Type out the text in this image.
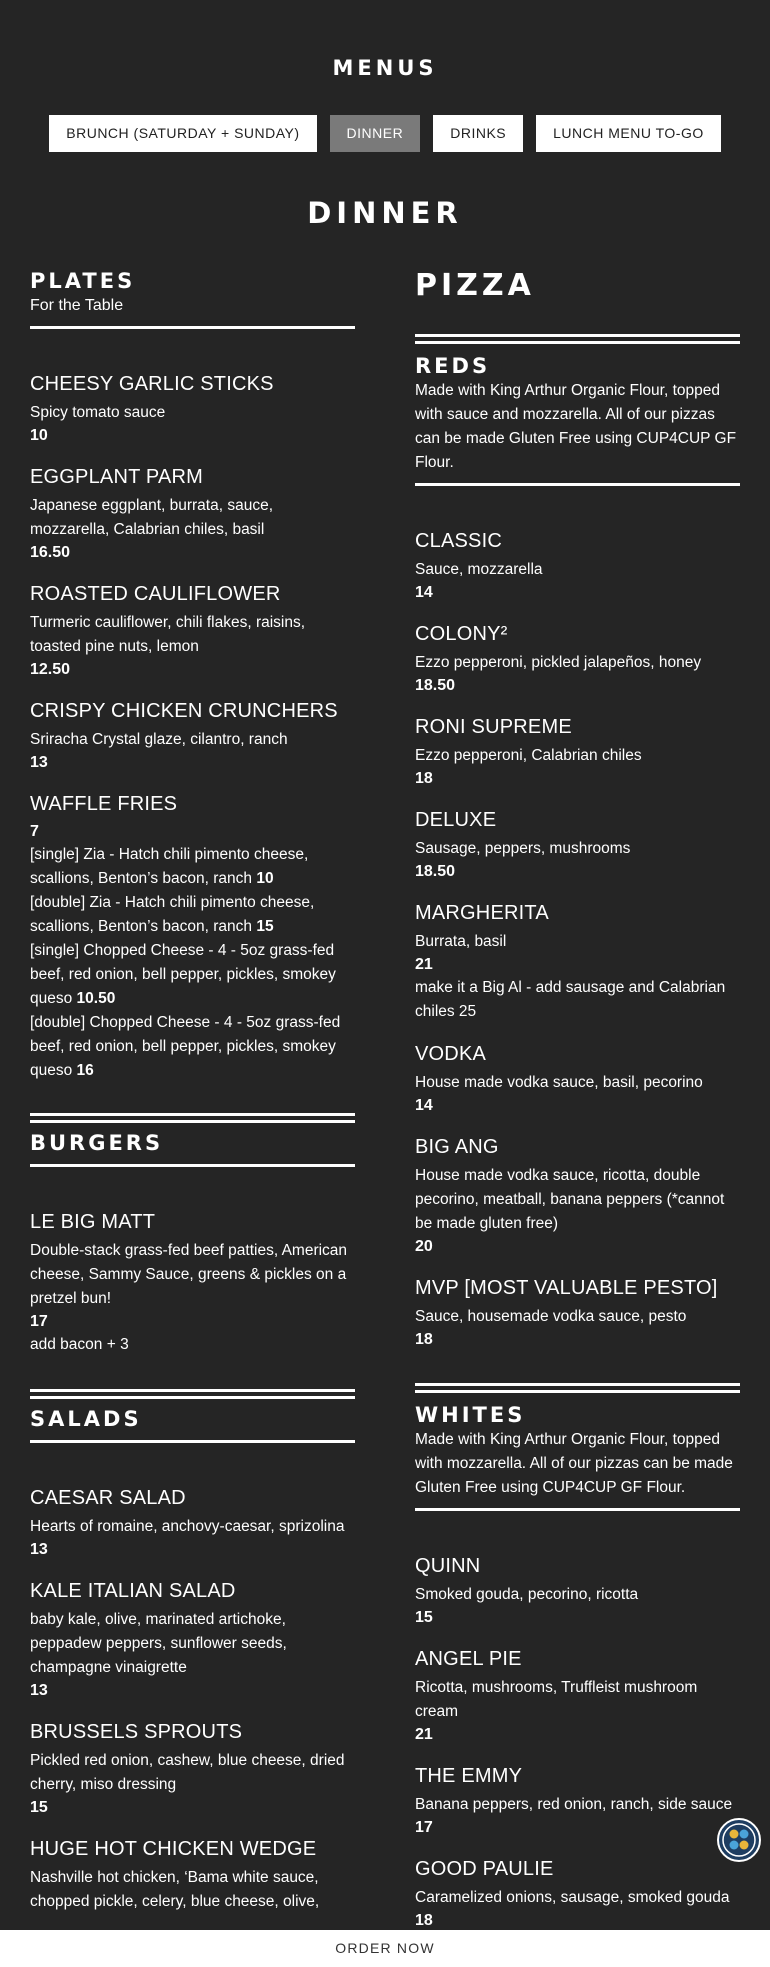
MENUS
BRUNCH (SATURDAY + SUNDAY)	DINNER	DRINKS	LUNCH MENU TO-GO
DINNER
PLATES
For the Table
CHEESY GARLIC STICKS
Spicy tomato sauce
10
EGGPLANT PARM
Japanese eggplant, burrata, sauce, mozzarella, Calabrian chiles, basil
16.50
ROASTED CAULIFLOWER
Turmeric cauliflower, chili flakes, raisins, toasted pine nuts, lemon
12.50
CRISPY CHICKEN CRUNCHERS
Sriracha Crystal glaze, cilantro, ranch
13
WAFFLE FRIES
7
[single] Zia - Hatch chili pimento cheese, scallions, Benton’s bacon, ranch 10
[double] Zia - Hatch chili pimento cheese, scallions, Benton’s bacon, ranch 15
[single] Chopped Cheese - 4 - 5oz grass-fed beef, red onion, bell pepper, pickles, smokey queso 10.50
[double] Chopped Cheese - 4 - 5oz grass-fed beef, red onion, bell pepper, pickles, smokey queso 16
BURGERS
LE BIG MATT
Double-stack grass-fed beef patties, American cheese, Sammy Sauce, greens & pickles on a pretzel bun!
17
add bacon + 3
SALADS
CAESAR SALAD
Hearts of romaine, anchovy-caesar, sprizolina
13
KALE ITALIAN SALAD
baby kale, olive, marinated artichoke, peppadew peppers, sunflower seeds, champagne vinaigrette
13
BRUSSELS SPROUTS
Pickled red onion, cashew, blue cheese, dried cherry, miso dressing
15
HUGE HOT CHICKEN WEDGE
Nashville hot chicken, ‘Bama white sauce, chopped pickle, celery, blue cheese, olive,
PIZZA
REDS
Made with King Arthur Organic Flour, topped with sauce and mozzarella. All of our pizzas can be made Gluten Free using CUP4CUP GF Flour.
CLASSIC
Sauce, mozzarella
14
COLONY²
Ezzo pepperoni, pickled jalapeños, honey
18.50
RONI SUPREME
Ezzo pepperoni, Calabrian chiles
18
DELUXE
Sausage, peppers, mushrooms
18.50
MARGHERITA
Burrata, basil
21
make it a Big Al - add sausage and Calabrian chiles 25
VODKA
House made vodka sauce, basil, pecorino
14
BIG ANG
House made vodka sauce, ricotta, double pecorino, meatball, banana peppers (*cannot be made gluten free)
20
MVP [MOST VALUABLE PESTO]
Sauce, housemade vodka sauce, pesto
18
WHITES
Made with King Arthur Organic Flour, topped with mozzarella. All of our pizzas can be made Gluten Free using CUP4CUP GF Flour.
QUINN
Smoked gouda, pecorino, ricotta
15
ANGEL PIE
Ricotta, mushrooms, Truffleist mushroom cream
21
THE EMMY
Banana peppers, red onion, ranch, side sauce
17
GOOD PAULIE
Caramelized onions, sausage, smoked gouda
18
ORDER NOW
